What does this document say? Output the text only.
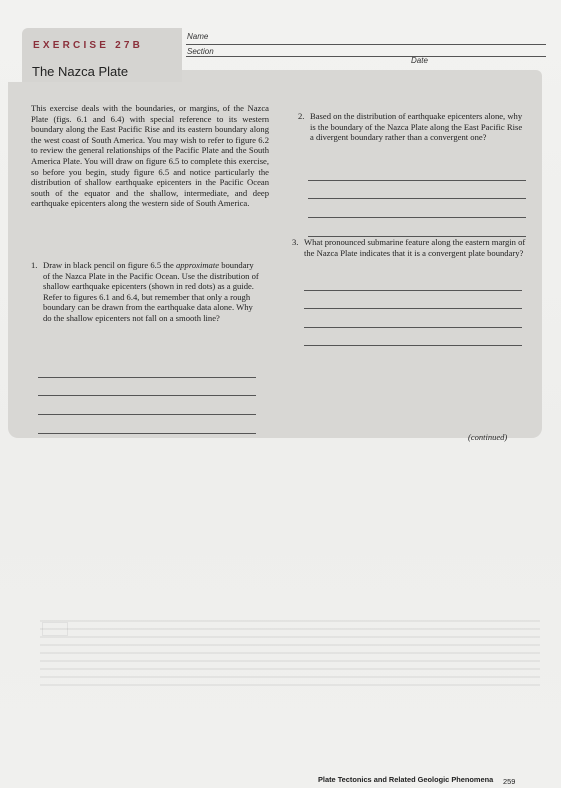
EXERCISE 27B
The Nazca Plate
Name
Section
Date
This exercise deals with the boundaries, or margins, of the Nazca Plate (figs. 6.1 and 6.4) with special reference to its western boundary along the East Pacific Rise and its eastern boundary along the west coast of South America. You may wish to refer to figure 6.2 to review the general relationships of the Pacific Plate and the South America Plate. You will draw on figure 6.5 to complete this exercise, so before you begin, study figure 6.5 and notice particularly the distribution of shallow earthquake epicenters in the Pacific Ocean south of the equator and the shallow, intermediate, and deep earthquake epicenters along the western side of South America.
1. Draw in black pencil on figure 6.5 the approximate boundary of the Nazca Plate in the Pacific Ocean. Use the distribution of shallow earthquake epicenters (shown in red dots) as a guide. Refer to figures 6.1 and 6.4, but remember that only a rough boundary can be drawn from the earthquake data alone. Why do the shallow epicenters not fall on a smooth line?
2. Based on the distribution of earthquake epicenters alone, why is the boundary of the Nazca Plate along the East Pacific Rise a divergent boundary rather than a convergent one?
3. What pronounced submarine feature along the eastern margin of the Nazca Plate indicates that it is a convergent plate boundary?
(continued)
Plate Tectonics and Related Geologic Phenomena 259
